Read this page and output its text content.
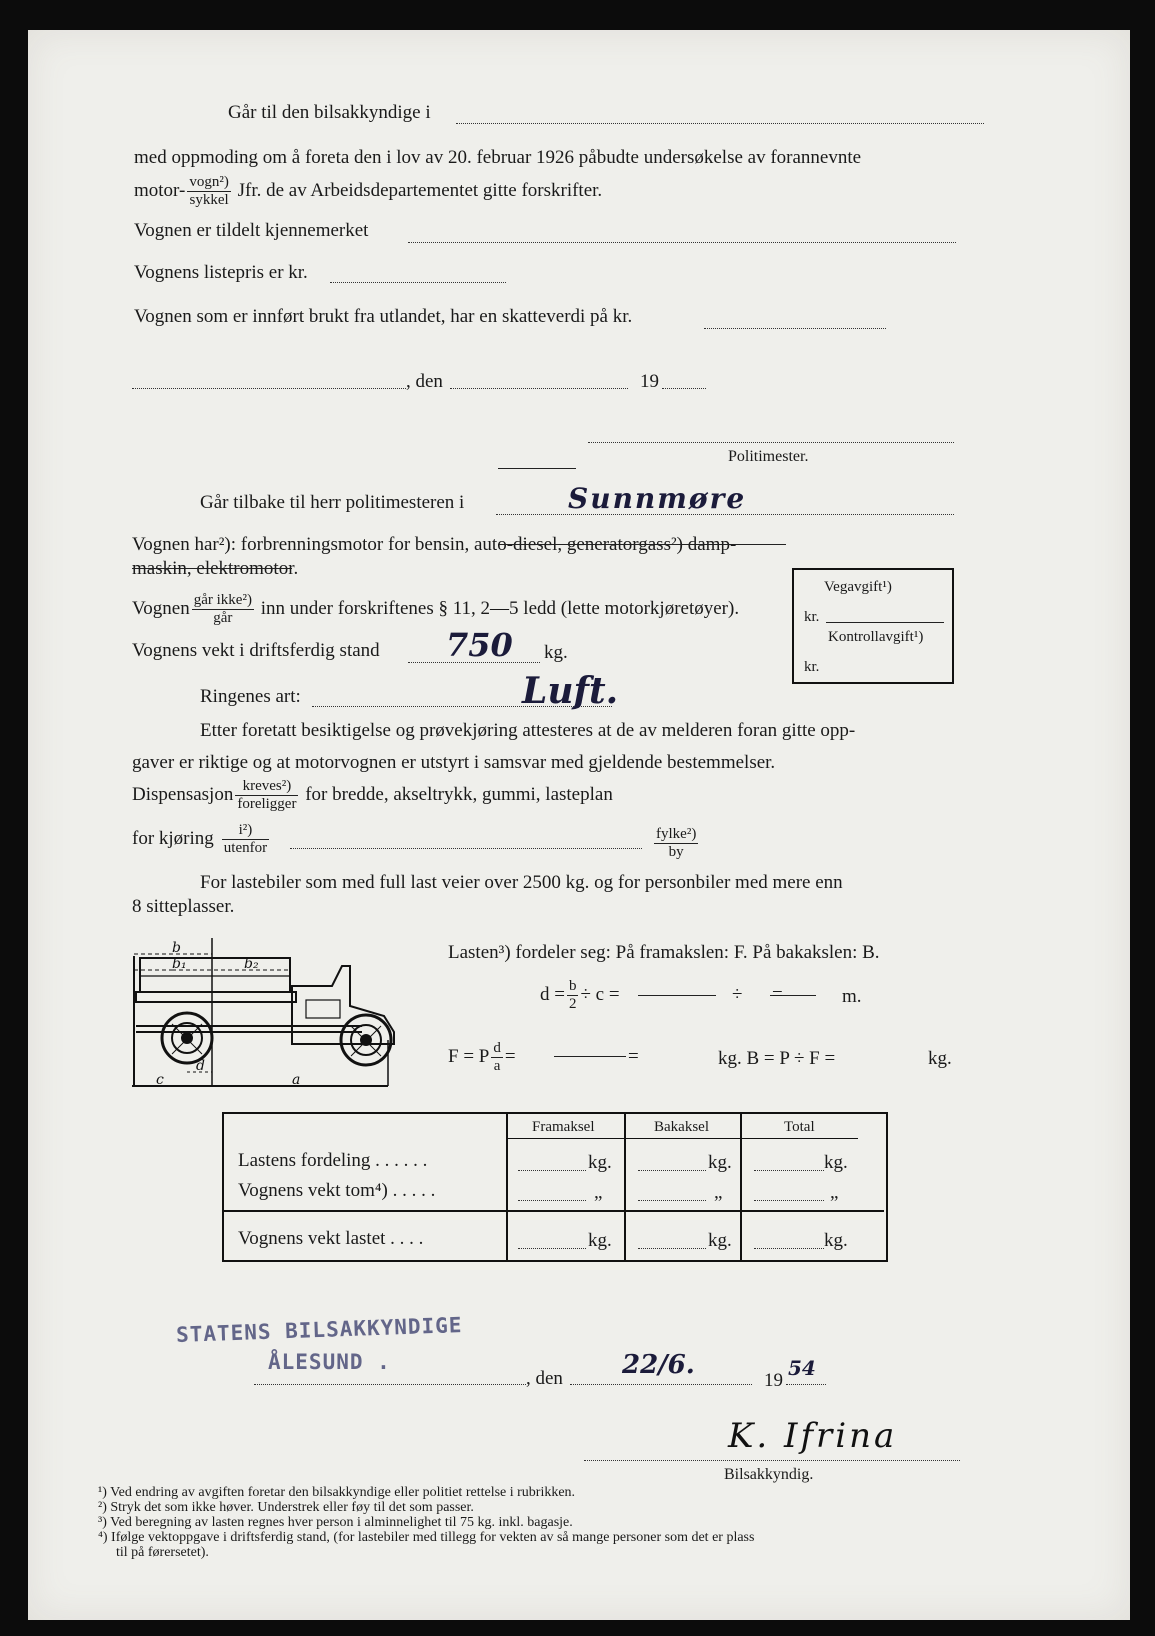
Går til den bilsakkyndige i
med oppmoding om å foreta den i lov av 20. februar 1926 påbudte undersøkelse av forannevnte
motor- $\frac{\text{vogn²)}}{\text{sykkel}}$ Jfr. de av Arbeidsdepartementet gitte forskrifter.
Vognen er tildelt kjennemerket
Vognens listepris er kr.
Vognen som er innført brukt fra utlandet, har en skatteverdi på kr.
, den	19
Politimester.
Går tilbake til herr politimesteren i	Sunnmøre
Vognen har²): forbrenningsmotor for bensin, auto-diesel, generatorgass²) damp-
maskin, elektromotor.
Vognen $\frac{\text{går ikke²)}}{\text{går}}$ inn under forskriftenes § 11, 2—5 ledd (lette motorkjøretøyer).
Vognens vekt i driftsferdig stand 750 kg.
Ringenes art:	Luft.
Vegavgift¹)
kr.
Kontrollavgift¹)
kr.
Etter foretatt besiktigelse og prøvekjøring attesteres at de av melderen foran gitte opp-
gaver er riktige og at motorvognen er utstyrt i samsvar med gjeldende bestemmelser.
Dispensasjon $\frac{\text{kreves²)}}{\text{foreligger}}$ for bredde, akseltrykk, gummi, lasteplan
for kjøring $\frac{\text{i²)}}{\text{utenfor}}$	$\frac{\text{fylke²)}}{by}$
For lastebiler som med full last veier over 2500 kg. og for personbiler med mere enn
8 sitteplasser.
b
b₁	b₂
c
d
a
Lasten³) fordeler seg: På framakslen: F. På bakakslen: B.
$d = \frac{b}{2} \div c$ =	÷ =	m.
F = P $\frac{d}{a}$ =	=	kg. B = P ÷ F =	kg.
Framaksel	Bakaksel	Total
Lastens fordeling . . . . . .	kg.	kg.	kg.
Vognens vekt tom⁴) . . . . .	„	„	„
Vognens vekt lastet . . . .	kg.	kg.	kg.
STATENS BILSAKKYNDIGE
ÅLESUND .
, den 22/6.
19
54
K. Ifrina
Bilsakkyndig.
¹) Ved endring av avgiften foretar den bilsakkyndige eller politiet rettelse i rubrikken.
²) Stryk det som ikke høver. Understrek eller føy til det som passer.
³) Ved beregning av lasten regnes hver person i alminnelighet til 75 kg. inkl. bagasje.
⁴) Ifølge vektoppgave i driftsferdig stand, (for lastebiler med tillegg for vekten av så mange personer som det er plass
til på førersetet).
